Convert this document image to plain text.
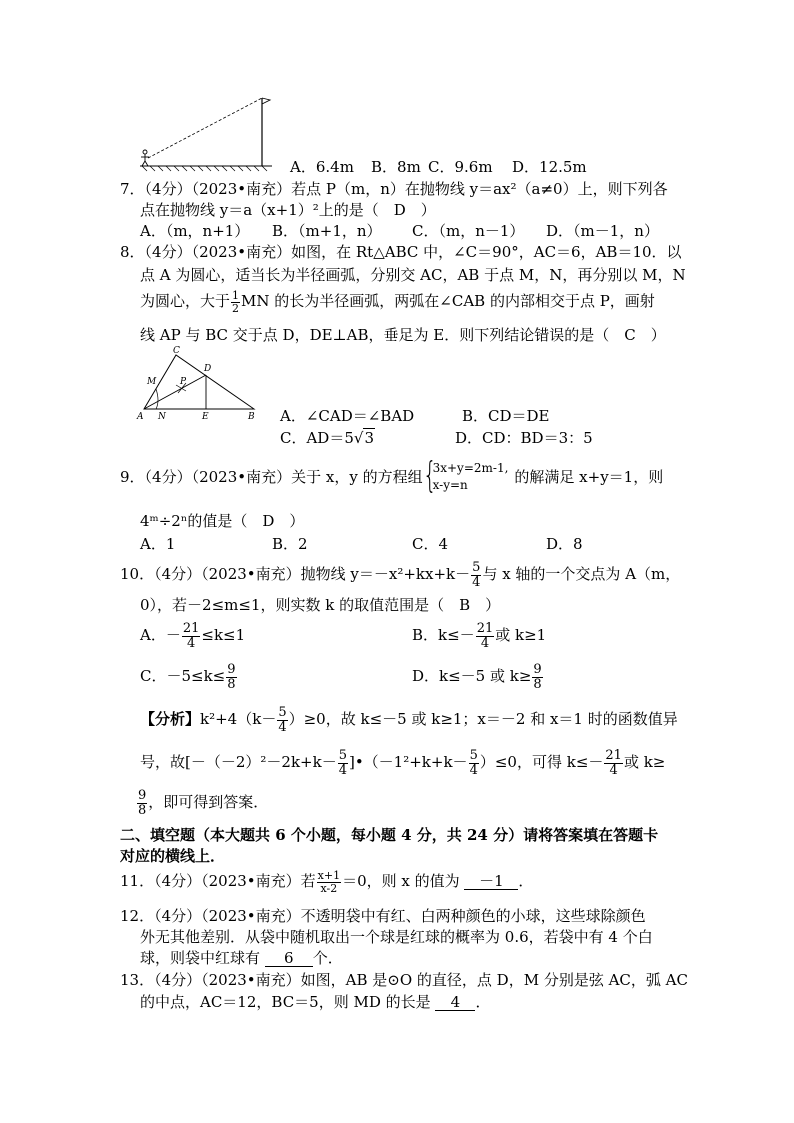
A．6.4m B．8m C．9.6m D．12.5m
7．（4分）（2023•南充）若点 P（m，n）在抛物线 y＝ax²（a≠0）上，则下列各
点在抛物线 y＝a（x+1）²上的是（　D　）
A．（m，n+1） B．（m+1，n） C．（m，n－1） D．（m－1，n）
8．（4分）（2023•南充）如图，在 Rt△ABC 中，∠C＝90°，AC＝6，AB＝10．以
点 A 为圆心，适当长为半径画弧，分别交 AC，AB 于点 M，N，再分别以 M，N
为圆心，大于 $\frac{1}{2}$ MN 的长为半径画弧，两弧在∠CAB 的内部相交于点 P，画射
线 AP 与 BC 交于点 D，DE⊥AB，垂足为 E．则下列结论错误的是（　C　）
C
D
M	P
A N	E	B A．∠CAD＝∠BAD	B．CD＝DE
C．AD＝5√3	D．CD：BD＝3：5
9．（4分）（2023•南充）关于 x，y 的方程组 {
3x+y=2m-1,
x-y=n	的解满足 x+y＝1，则
4ᵐ÷2ⁿ的值是（　D　）
A．1	B．2	C．4	D．8
10．（4分）（2023•南充）抛物线 $y=-x^2+kx+k- \frac{5}{4}$ 与 x 轴的一个交点为 A（m，
0），若－2≤m≤1，则实数 k 的取值范围是（　B　）
A．－ $\frac{21}{4} \le k\le 1$	B．$k\le- \frac{21}{4}$ 或 k≥1
C．$-5\le k\le \frac{9}{8}$	D．k≤－5 或 $k\ge \frac{9}{8}$
【分析】$k^2+4(k- \frac{5}{4} )\ge 0$，故 k≤－5 或 k≥1；x＝－2 和 x＝1 时的函数值异
号，故[$-(-2)^2-2k+k- \frac{5}{4}$ ]•（－1²+k+k－ $\frac{5}{4} )\le 0$，可得 $k\le- \frac{21}{4}$ 或 k≥
$\frac{9}{8}$ ，即可得到答案．
二、填空题（本大题共 6 个小题，每小题 4 分，共 24 分）请将答案填在答题卡
对应的横线上．
11．（4分）（2023•南充）若 $\frac{x+1}{x-2} =0$，则 x 的值为 －1 ．
12．（4分）（2023•南充）不透明袋中有红、白两种颜色的小球，这些球除颜色
外无其他差别．从袋中随机取出一个球是红球的概率为 0.6，若袋中有 4 个白
球，则袋中红球有 6 个．
13．（4分）（2023•南充）如图，AB 是⊙O 的直径，点 D，M 分别是弦 AC，弧 AC
的中点，AC＝12，BC＝5，则 MD 的长是 4 ．
